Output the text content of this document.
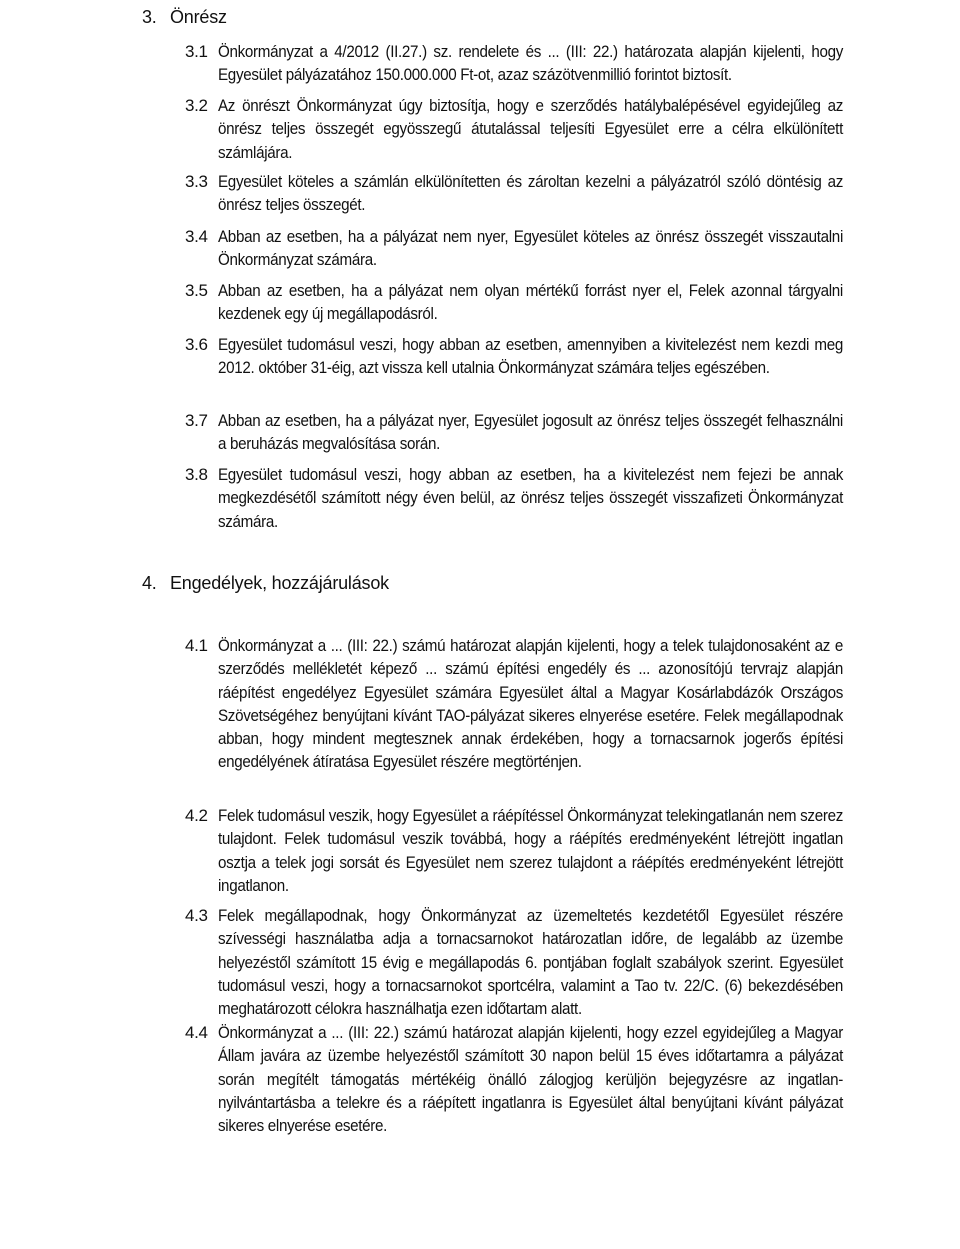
3. Önrész
3.1 Önkormányzat a 4/2012 (II.27.) sz. rendelete és ... (III: 22.) határozata alapján kijelenti, hogy Egyesület pályázatához 150.000.000 Ft-ot, azaz százötvenmillió forintot biztosít.

3.2 Az önrészt Önkormányzat úgy biztosítja, hogy e szerződés hatálybalépésével egyidejűleg az önrész teljes összegét egyösszegű átutalással teljesíti Egyesület erre a célra elkülönített számlájára.

3.3 Egyesület köteles a számlán elkülönítetten és zároltan kezelni a pályázatról szóló döntésig az önrész teljes összegét.

3.4 Abban az esetben, ha a pályázat nem nyer, Egyesület köteles az önrész összegét visszautalni Önkormányzat számára.

3.5 Abban az esetben, ha a pályázat nem olyan mértékű forrást nyer el, Felek azonnal tárgyalni kezdenek egy új megállapodásról.

3.6 Egyesület tudomásul veszi, hogy abban az esetben, amennyiben a kivitelezést nem kezdi meg 2012. október 31-éig, azt vissza kell utalnia Önkormányzat számára teljes egészében.

3.7 Abban az esetben, ha a pályázat nyer, Egyesület jogosult az önrész teljes összegét felhasználni a beruházás megvalósítása során.

3.8 Egyesület tudomásul veszi, hogy abban az esetben, ha a kivitelezést nem fejezi be annak megkezdésétől számított négy éven belül, az önrész teljes összegét visszafizeti Önkormányzat számára.

4. Engedélyek, hozzájárulások
4.1 Önkormányzat a ... (III: 22.) számú határozat alapján kijelenti, hogy a telek tulajdonosaként az e szerződés mellékletét képező ... számú építési engedély és ... azonosítójú tervrajz alapján ráépítést engedélyez Egyesület számára Egyesület által a Magyar Kosárlabdázók Országos Szövetségéhez benyújtani kívánt TAO-pályázat sikeres elnyerése esetére. Felek megállapodnak abban, hogy mindent megtesznek annak érdekében, hogy a tornacsarnok jogerős építési engedélyének átíratása Egyesület részére megtörténjen.

4.2 Felek tudomásul veszik, hogy Egyesület a ráépítéssel Önkormányzat telekingatlanán nem szerez tulajdont. Felek tudomásul veszik továbbá, hogy a ráépítés eredményeként létrejött ingatlan osztja a telek jogi sorsát és Egyesület nem szerez tulajdont a ráépítés eredményeként létrejött ingatlanon.

4.3 Felek megállapodnak, hogy Önkormányzat az üzemeltetés kezdetétől Egyesület részére szívességi használatba adja a tornacsarnokot határozatlan időre, de legalább az üzembe helyezéstől számított 15 évig e megállapodás 6. pontjában foglalt szabályok szerint. Egyesület tudomásul veszi, hogy a tornacsarnokot sportcélra, valamint a Tao tv. 22/C. (6) bekezdésében meghatározott célokra használhatja ezen időtartam alatt.

4.4 Önkormányzat a ... (III: 22.) számú határozat alapján kijelenti, hogy ezzel egyidejűleg a Magyar Állam javára az üzembe helyezéstől számított 30 napon belül 15 éves időtartamra a pályázat során megítélt támogatás mértékéig önálló zálogjog kerüljön bejegyzésre az ingatlan-nyilvántartásba a telekre és a ráépített ingatlanra is Egyesület által benyújtani kívánt pályázat sikeres elnyerése esetére.
